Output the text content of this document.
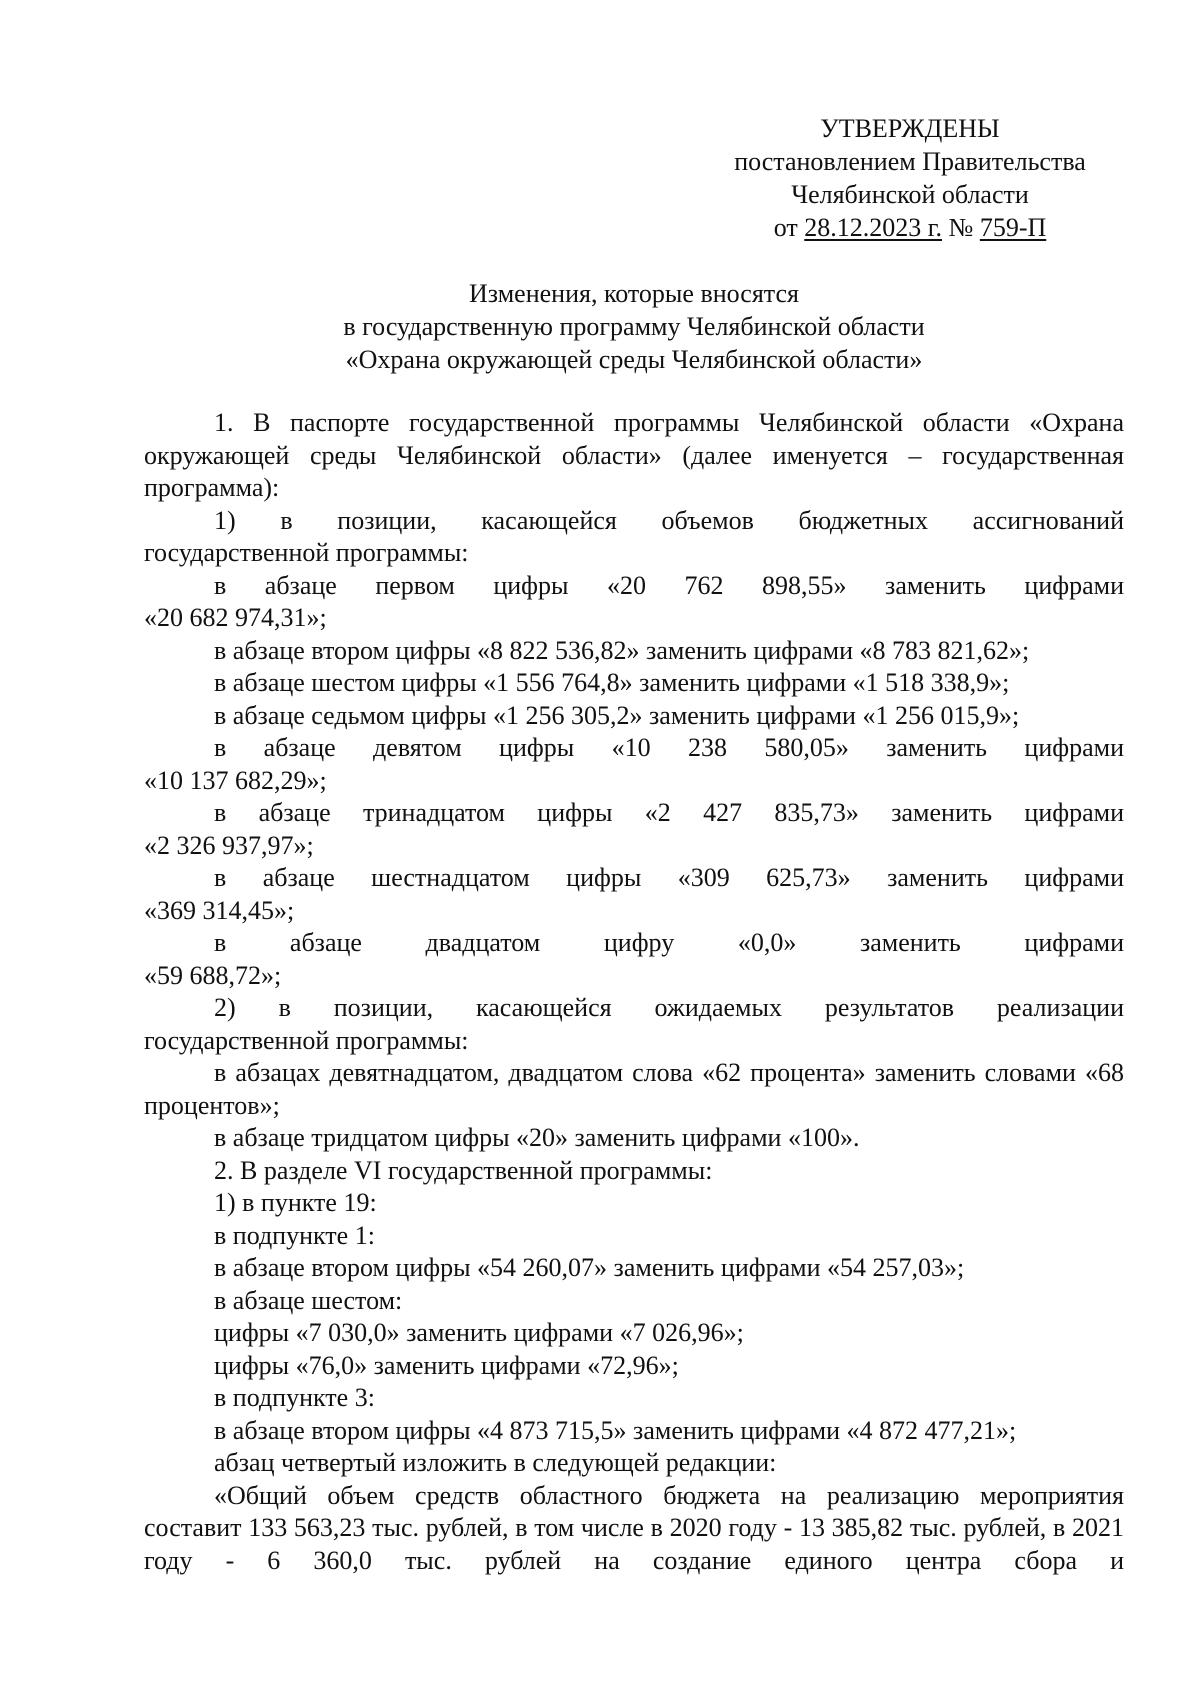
УТВЕРЖДЕНЫ
постановлением Правительства
Челябинской области
от 28.12.2023 г. № 759-П
Изменения, которые вносятся
в государственную программу Челябинской области
«Охрана окружающей среды Челябинской области»

1. В паспорте государственной программы Челябинской области «Охрана окружающей среды Челябинской области» (далее именуется – государственная программа):

1) в позиции, касающейся объемов бюджетных ассигнований

государственной программы:

в абзаце первом цифры «20 762 898,55» заменить цифрами

«20 682 974,31»;

в абзаце втором цифры «8 822 536,82» заменить цифрами «8 783 821,62»;

в абзаце шестом цифры «1 556 764,8» заменить цифрами «1 518 338,9»;

в абзаце седьмом цифры «1 256 305,2» заменить цифрами «1 256 015,9»;

в абзаце девятом цифры «10 238 580,05» заменить цифрами

«10 137 682,29»;

в абзаце тринадцатом цифры «2 427 835,73» заменить цифрами

«2 326 937,97»;

в абзаце шестнадцатом цифры «309 625,73» заменить цифрами

«369 314,45»;

в абзаце двадцатом цифру «0,0» заменить цифрами

«59 688,72»;

2) в позиции, касающейся ожидаемых результатов реализации

государственной программы:

в абзацах девятнадцатом, двадцатом слова «62 процента» заменить словами «68 процентов»;

в абзаце тридцатом цифры «20» заменить цифрами «100».

2. В разделе VI государственной программы:

1) в пункте 19:

в подпункте 1:

в абзаце втором цифры «54 260,07» заменить цифрами «54 257,03»;

в абзаце шестом:

цифры «7 030,0» заменить цифрами «7 026,96»;

цифры «76,0» заменить цифрами «72,96»;

в подпункте 3:

в абзаце втором цифры «4 873 715,5» заменить цифрами «4 872 477,21»;

абзац четвертый изложить в следующей редакции:

«Общий объем средств областного бюджета на реализацию мероприятия составит 133 563,23 тыс. рублей, в том числе в 2020 году - 13 385,82 тыс. рублей, в 2021 году - 6 360,0 тыс. рублей на создание единого центра сбора и
